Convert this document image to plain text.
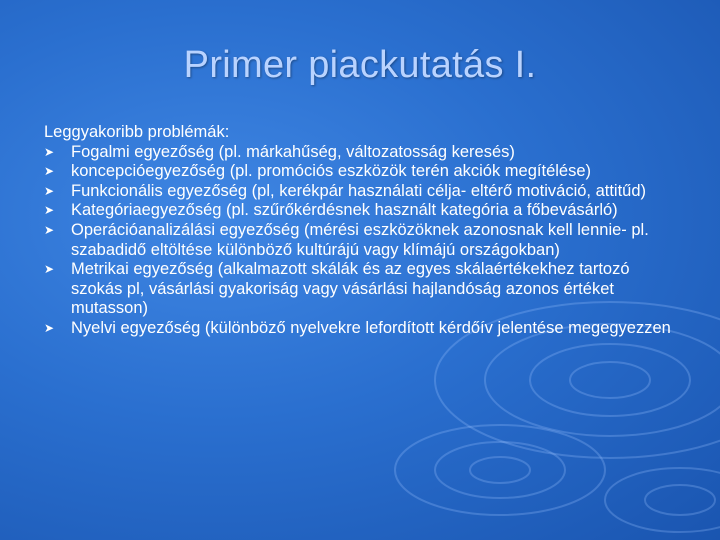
Primer piackutatás I.

Leggyakoribb problémák:

➤ Fogalmi egyezőség (pl. márkahűség, változatosság keresés)
➤ koncepcióegyezőség (pl. promóciós eszközök terén akciók megítélése)
➤ Funkcionális egyezőség (pl, kerékpár használati célja- eltérő motiváció, attitűd)
➤ Kategóriaegyezőség (pl. szűrőkérdésnek használt kategória a főbevásárló)
➤ Operációanalizálási egyezőség (mérési eszközöknek azonosnak kell lennie- pl. szabadidő eltöltése különböző kultúrájú vagy klímájú országokban)
➤ Metrikai egyezőség (alkalmazott skálák és az egyes skálaértékekhez tartozó szokás pl, vásárlási gyakoriság vagy vásárlási hajlandóság azonos értéket mutasson)
➤ Nyelvi egyezőség (különböző nyelvekre lefordított kérdőív jelentése megegyezzen
